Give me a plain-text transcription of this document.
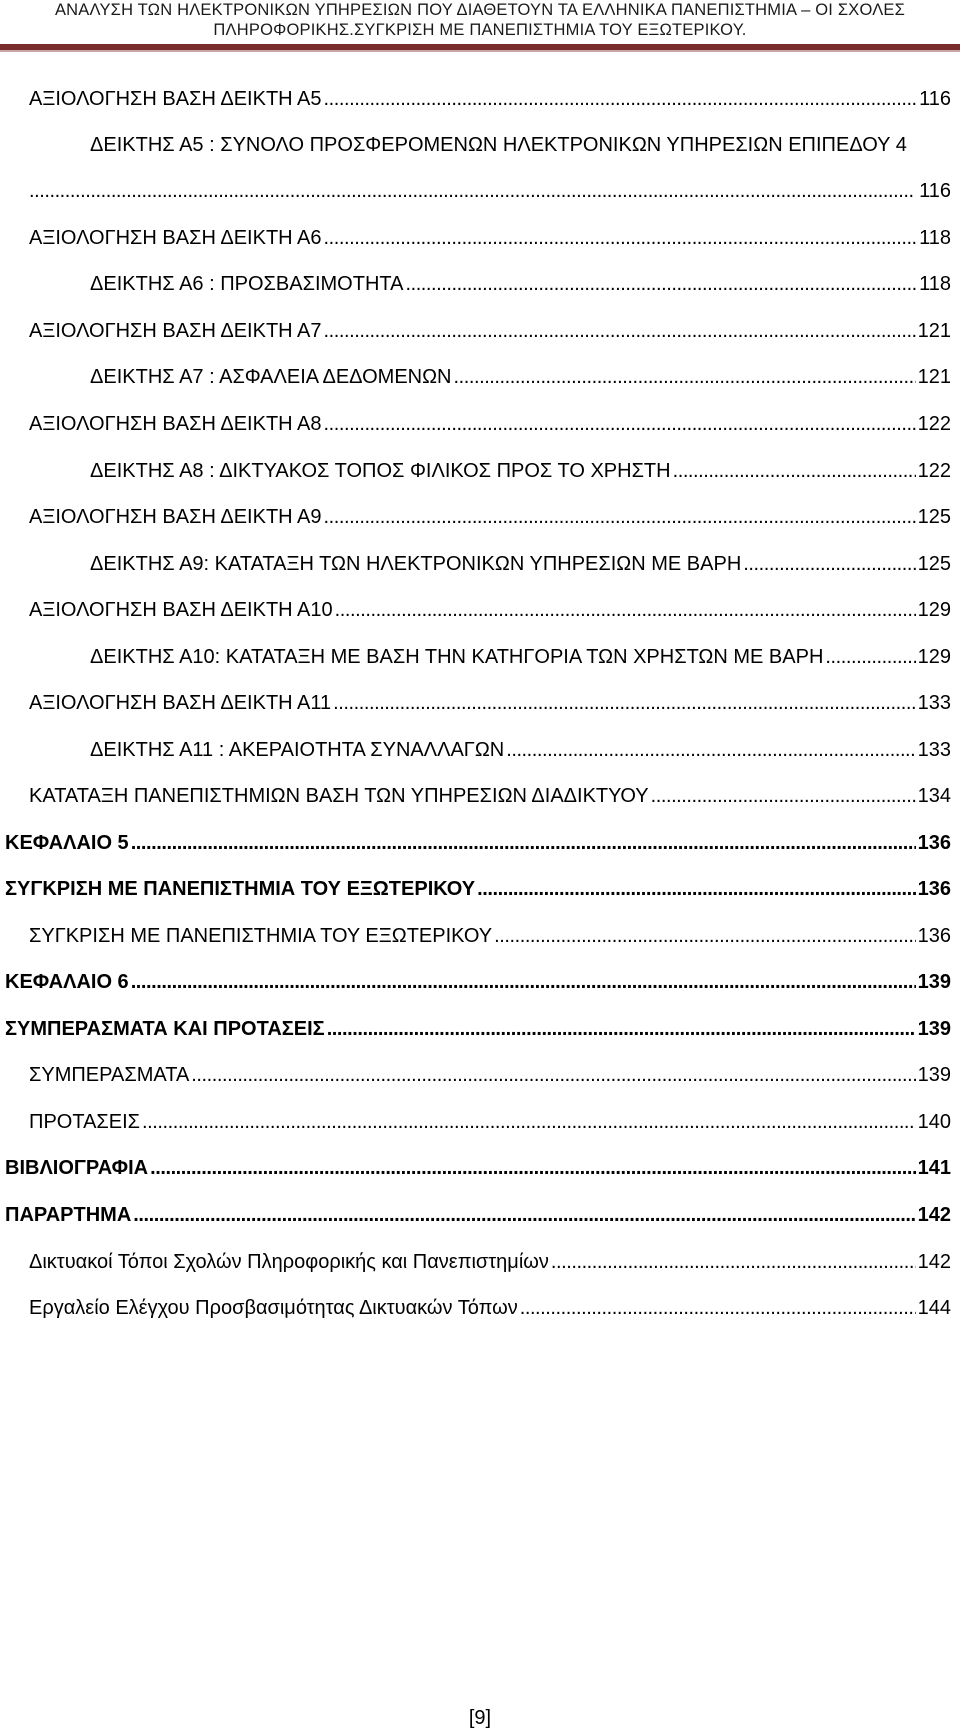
ΑΝΑΛΥΣΗ ΤΩΝ ΗΛΕΚΤΡΟΝΙΚΩΝ ΥΠΗΡΕΣΙΩΝ ΠΟΥ ΔΙΑΘΕΤΟΥΝ ΤΑ ΕΛΛΗΝΙΚΑ ΠΑΝΕΠΙΣΤΗΜΙΑ – ΟΙ ΣΧΟΛΕΣ
ΠΛΗΡΟΦΟΡΙΚΗΣ.ΣΥΓΚΡΙΣΗ ΜΕ ΠΑΝΕΠΙΣΤΗΜΙΑ ΤΟΥ ΕΞΩΤΕΡΙΚΟΥ.
ΑΞΙΟΛΟΓΗΣΗ ΒΑΣΗ ΔΕΙΚΤΗ Α5 . . .	116
ΔΕΙΚΤΗΣ Α5 : ΣΥΝΟΛΟ ΠΡΟΣΦΕΡΟΜΕΝΩΝ ΗΛΕΚΤΡΟΝΙΚΩΝ ΥΠΗΡΕΣΙΩΝ ΕΠΙΠΕΔΟΥ 4
. . . . . . . . . . . . . . . . . . . . . . . . . . . . . . . . . . . . . . . . . . . . . . . . . . . . . . . . . . . . . . . . . . . . . . . . . . . . . . . . . . . . . . . . . . . . . . . . . . . . . . . . . . . . . . . . . . . . . . . . . . . . . . . . . . . . . . . . . . . . . . . . . . . . . . . . . . . . . . . . . . . . . . . . . . . . . 116
ΑΞΙΟΛΟΓΗΣΗ ΒΑΣΗ ΔΕΙΚΤΗ Α6 . . .	118
ΔΕΙΚΤΗΣ Α6 : ΠΡΟΣΒΑΣΙΜΟΤΗΤΑ . . .	118
ΑΞΙΟΛΟΓΗΣΗ ΒΑΣΗ ΔΕΙΚΤΗ Α7 . . .	121
ΔΕΙΚΤΗΣ Α7 : ΑΣΦΑΛΕΙΑ ΔΕΔΟΜΕΝΩΝ . . .	121
ΑΞΙΟΛΟΓΗΣΗ ΒΑΣΗ ΔΕΙΚΤΗ Α8 . . .	122
ΔΕΙΚΤΗΣ Α8 : ΔΙΚΤΥΑΚΟΣ ΤΟΠΟΣ ΦΙΛΙΚΟΣ ΠΡΟΣ ΤΟ ΧΡΗΣΤΗ . . .	122
ΑΞΙΟΛΟΓΗΣΗ ΒΑΣΗ ΔΕΙΚΤΗ Α9 . . .	125
ΔΕΙΚΤΗΣ Α9: ΚΑΤΑΤΑΞΗ ΤΩΝ ΗΛΕΚΤΡΟΝΙΚΩΝ ΥΠΗΡΕΣΙΩΝ ΜΕ ΒΑΡΗ . . .	125
ΑΞΙΟΛΟΓΗΣΗ ΒΑΣΗ ΔΕΙΚΤΗ Α10 . . .	129
ΔΕΙΚΤΗΣ Α10: ΚΑΤΑΤΑΞΗ ΜΕ ΒΑΣΗ ΤΗΝ ΚΑΤΗΓΟΡΙΑ ΤΩΝ ΧΡΗΣΤΩΝ ΜΕ ΒΑΡΗ . . .	129
ΑΞΙΟΛΟΓΗΣΗ ΒΑΣΗ ΔΕΙΚΤΗ Α11 . . .	133
ΔΕΙΚΤΗΣ Α11 : ΑΚΕΡΑΙΟΤΗΤΑ ΣΥΝΑΛΛΑΓΩΝ . . .	133
ΚΑΤΑΤΑΞΗ ΠΑΝΕΠΙΣΤΗΜΙΩΝ ΒΑΣΗ ΤΩΝ ΥΠΗΡΕΣΙΩΝ ΔΙΑΔΙΚΤΥΟΥ . . .	134
ΚΕΦΑΛΑΙΟ 5 . . .	136
ΣΥΓΚΡΙΣΗ ΜΕ ΠΑΝΕΠΙΣΤΗΜΙΑ ΤΟΥ ΕΞΩΤΕΡΙΚΟΥ . . .	136
ΣΥΓΚΡΙΣΗ ΜΕ ΠΑΝΕΠΙΣΤΗΜΙΑ ΤΟΥ ΕΞΩΤΕΡΙΚΟΥ . . .	136
ΚΕΦΑΛΑΙΟ 6 . . .	139
ΣΥΜΠΕΡΑΣΜΑΤΑ ΚΑΙ ΠΡΟΤΑΣΕΙΣ . . .	139
ΣΥΜΠΕΡΑΣΜΑΤΑ . . .	139
ΠΡΟΤΑΣΕΙΣ . . .	140
ΒΙΒΛΙΟΓΡΑΦΙΑ . . .	141
ΠΑΡΑΡΤΗΜΑ . . .	142
Δικτυακοί Τόποι Σχολών Πληροφορικής και Πανεπιστημίων . . .	142
Εργαλείο Ελέγχου Προσβασιμότητας Δικτυακών Τόπων . . .	144
[9]
